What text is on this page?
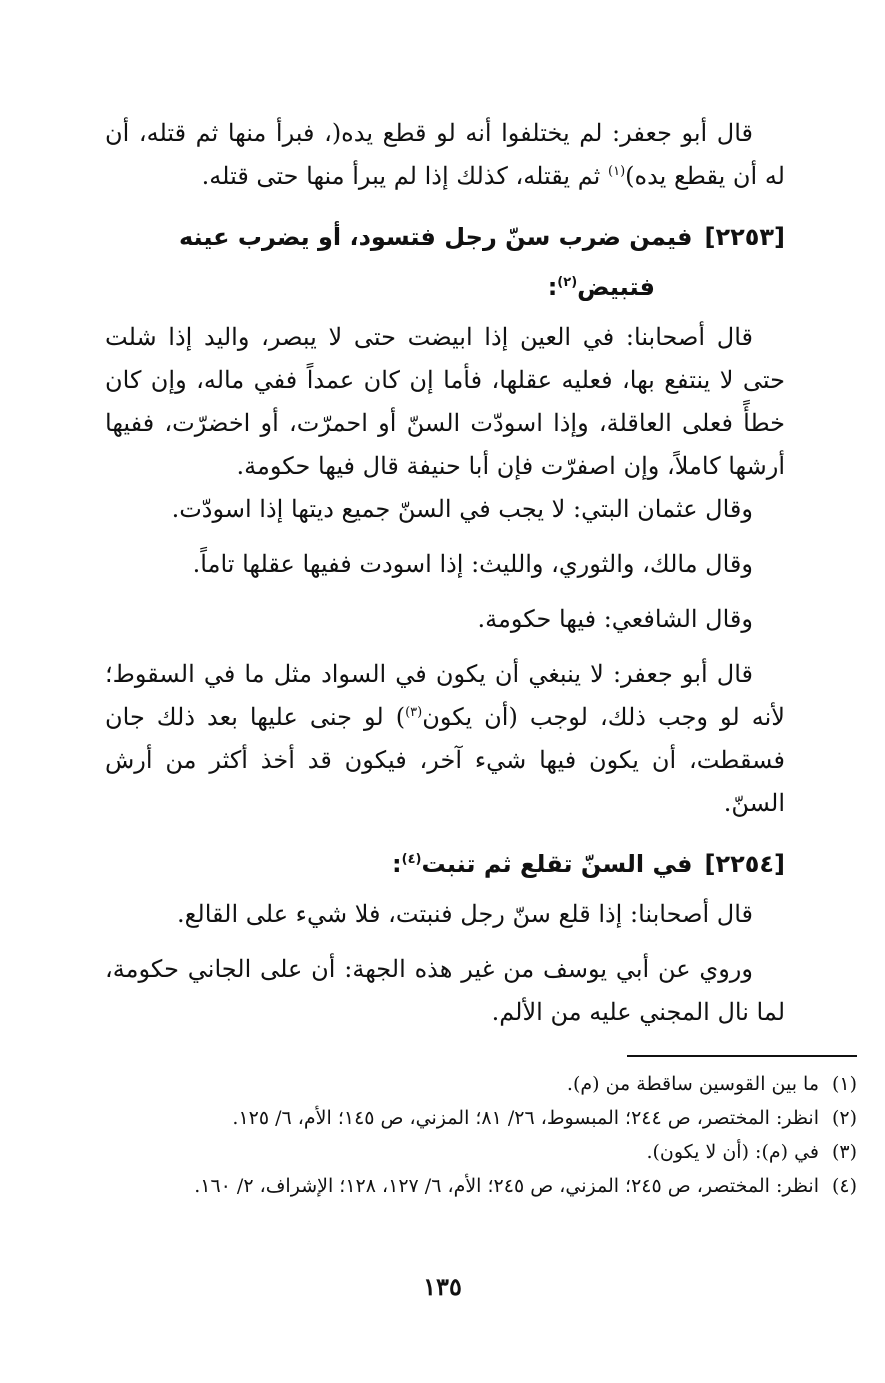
قال أبو جعفر: لم يختلفوا أنه لو قطع يده(، فبرأ منها ثم قتله، أن له أن يقطع يده)$^{(١)}$ ثم يقتله، كذلك إذا لم يبرأ منها حتى قتله.

[٢٢٥٣]فيمن ضرب سنّ رجل فتسود، أو يضرب عينه
فتبيض$^{(٢)}$:

قال أصحابنا: في العين إذا ابيضت حتى لا يبصر، واليد إذا شلت حتى لا ينتفع بها، فعليه عقلها، فأما إن كان عمداً ففي ماله، وإن كان خطأً فعلى العاقلة، وإذا اسودّت السنّ أو احمرّت، أو اخضرّت، ففيها أرشها كاملاً، وإن اصفرّت فإن أبا حنيفة قال فيها حكومة.

وقال عثمان البتي: لا يجب في السنّ جميع ديتها إذا اسودّت.

وقال مالك، والثوري، والليث: إذا اسودت ففيها عقلها تاماً.

وقال الشافعي: فيها حكومة.

قال أبو جعفر: لا ينبغي أن يكون في السواد مثل ما في السقوط؛ لأنه لو وجب ذلك، لوجب (أن يكون$^{(٣)}$) لو جنى عليها بعد ذلك جان فسقطت، أن يكون فيها شيء آخر، فيكون قد أخذ أكثر من أرش السنّ.

[٢٢٥٤]في السنّ تقلع ثم تنبت$^{(٤)}$:

قال أصحابنا: إذا قلع سنّ رجل فنبتت، فلا شيء على القالع.

وروي عن أبي يوسف من غير هذه الجهة: أن على الجاني حكومة، لما نال المجني عليه من الألم.

(١)
ما بين القوسين ساقطة من (م).
(٢)
انظر: المختصر، ص ٢٤٤؛ المبسوط، ٢٦/ ٨١؛ المزني، ص ١٤٥؛ الأم، ٦/ ١٢٥.
(٣)
في (م): (أن لا يكون).
(٤)
انظر: المختصر، ص ٢٤٥؛ المزني، ص ٢٤٥؛ الأم، ٦/ ١٢٧، ١٢٨؛ الإشراف، ٢/ ١٦٠.
١٣٥
